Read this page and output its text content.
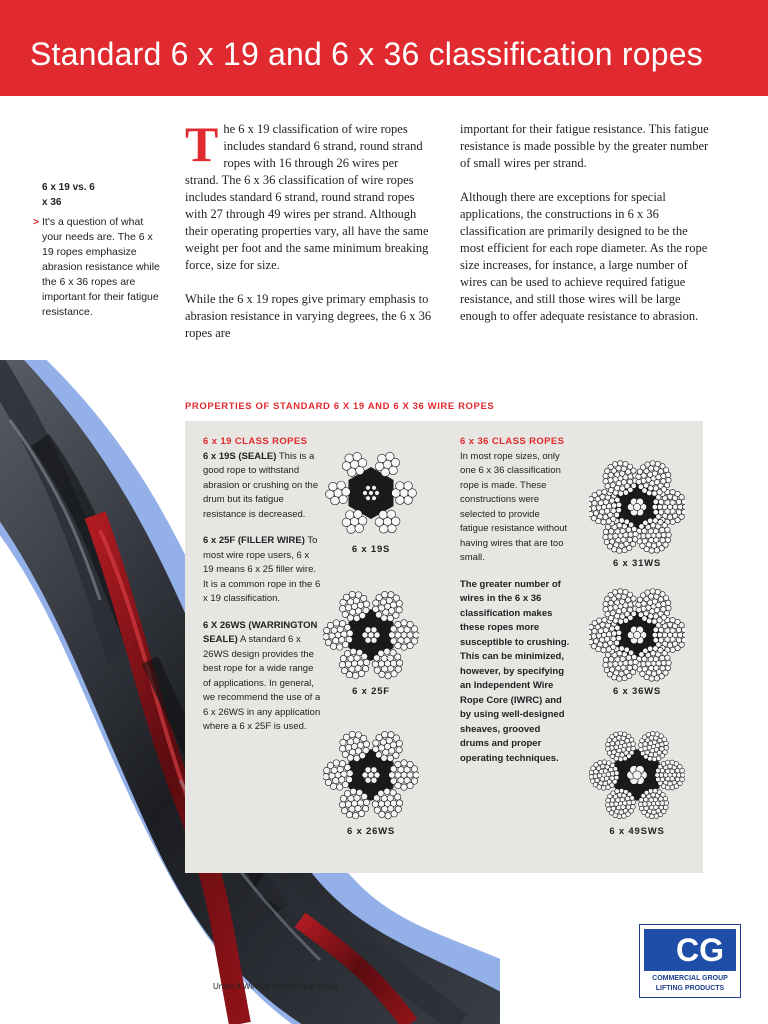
Standard 6 x 19 and 6 x 36 classification ropes
6 x 19 vs. 6 x 36
> It's a question of what your needs are. The 6 x 19 ropes emphasize abrasion resistance while the 6 x 36 ropes are important for their fatigue resistance.

T he 6 x 19 classification of wire ropes includes standard 6 strand, round strand ropes with 16 through 26 wires per strand. The 6 x 36 classification of wire ropes includes standard 6 strand, round strand ropes with 27 through 49 wires per strand. Although their operating properties vary, all have the same weight per foot and the same minimum breaking force, size for size.

While the 6 x 19 ropes give primary emphasis to abrasion resistance in varying degrees, the 6 x 36 ropes are

important for their fatigue resistance. This fatigue resistance is made possible by the greater number of small wires per strand.

Although there are exceptions for special applications, the constructions in 6 x 36 classification are primarily designed to be the most efficient for each rope diameter. As the rope size increases, for instance, a large number of wires can be used to achieve required fatigue resistance, and still those wires will be large enough to offer adequate resistance to abrasion.

PROPERTIES OF STANDARD 6 X 19 AND 6 X 36 WIRE ROPES
6 x 19 CLASS ROPES

6 x 19S (SEALE) This is a good rope to withstand abrasion or crushing on the drum but its fatigue resistance is decreased.

6 x 25F (FILLER WIRE) To most wire rope users, 6 x 19 means 6 x 25 filler wire. It is a common rope in the 6 x 19 classification.

6 X 26WS (WARRINGTON SEALE) A standard 6 x 26WS design provides the best rope for a wide range of applications. In general, we recommend the use of a 6 x 26WS in any application where a 6 x 25F is used.

6 x 36 CLASS ROPES

In most rope sizes, only one 6 x 36 classification rope is made. These constructions were selected to provide fatigue resistance without having wires that are too small.

The greater number of wires in the 6 x 36 classification makes these ropes more susceptible to crushing. This can be minimized, however, by specifying an Independent Wire Rope Core (IWRC) and by using well-designed sheaves, grooved drums and proper operating techniques.

6 x 19S
6 x 25F
6 x 26WS
6 x 31WS
6 x 36WS
6 x 49SWS
Union A WireCo WorldGroup Brand
CG
COMMERCIAL GROUP
LIFTING PRODUCTS
